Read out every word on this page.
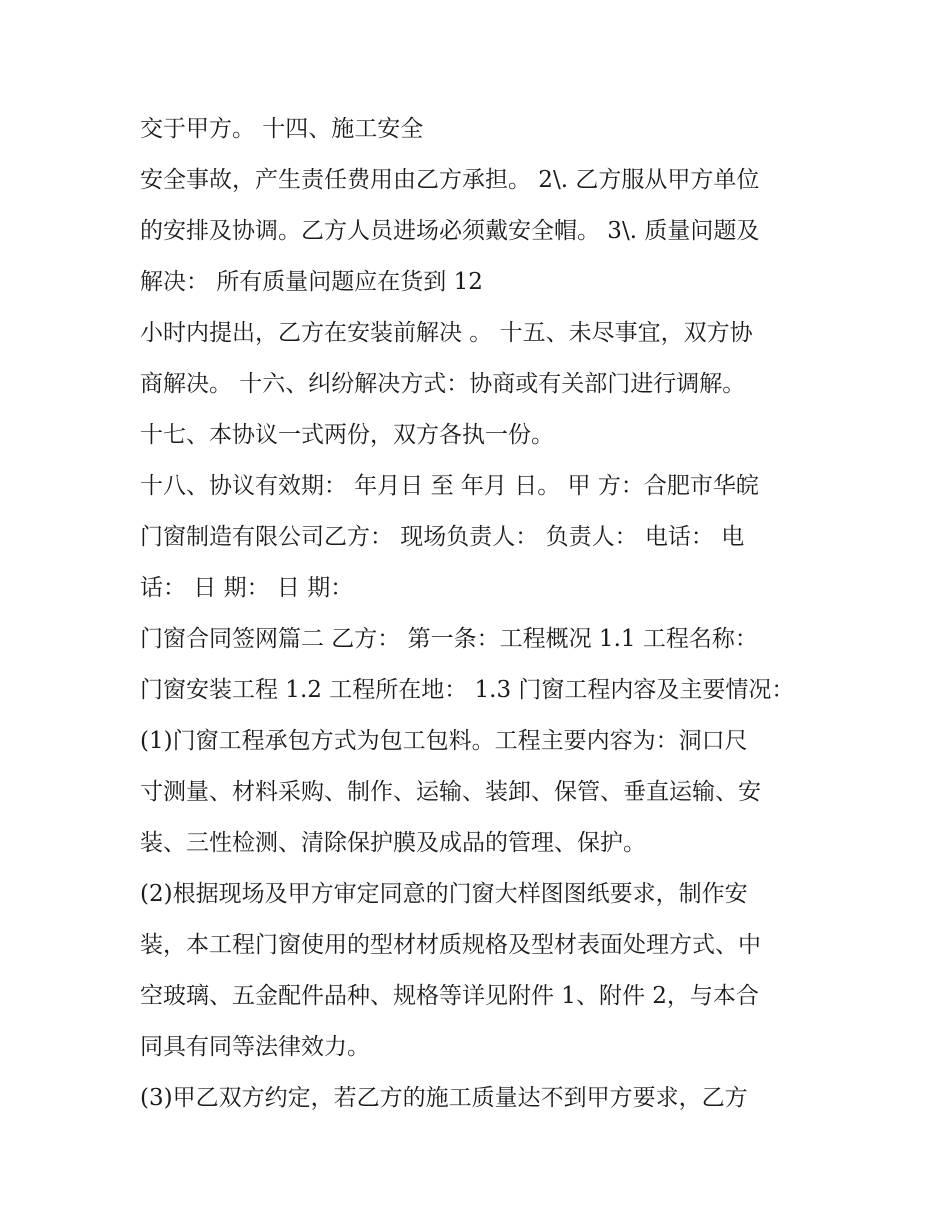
交于甲方。 十四、施工安全
安全事故，产生责任费用由乙方承担。 2\. 乙方服从甲方单位
的安排及协调。乙方人员进场必须戴安全帽。 3\. 质量问题及
解决： 所有质量问题应在货到 12
小时内提出，乙方在安装前解决 。 十五、未尽事宜，双方协
商解决。 十六、纠纷解决方式：协商或有关部门进行调解。
十七、本协议一式两份，双方各执一份。
十八、协议有效期： 年月日 至 年月 日。 甲 方：合肥市华皖
门窗制造有限公司乙方： 现场负责人： 负责人： 电话： 电
话： 日 期： 日 期：
门窗合同签网篇二 乙方： 第一条：工程概况 1.1 工程名称：
门窗安装工程 1.2 工程所在地： 1.3 门窗工程内容及主要情况：
(1)门窗工程承包方式为包工包料。工程主要内容为：洞口尺
寸测量、材料采购、制作、运输、装卸、保管、垂直运输、安
装、三性检测、清除保护膜及成品的管理、保护。
(2)根据现场及甲方审定同意的门窗大样图图纸要求，制作安
装，本工程门窗使用的型材材质规格及型材表面处理方式、中
空玻璃、五金配件品种、规格等详见附件 1、附件 2，与本合
同具有同等法律效力。
(3)甲乙双方约定，若乙方的施工质量达不到甲方要求，乙方
